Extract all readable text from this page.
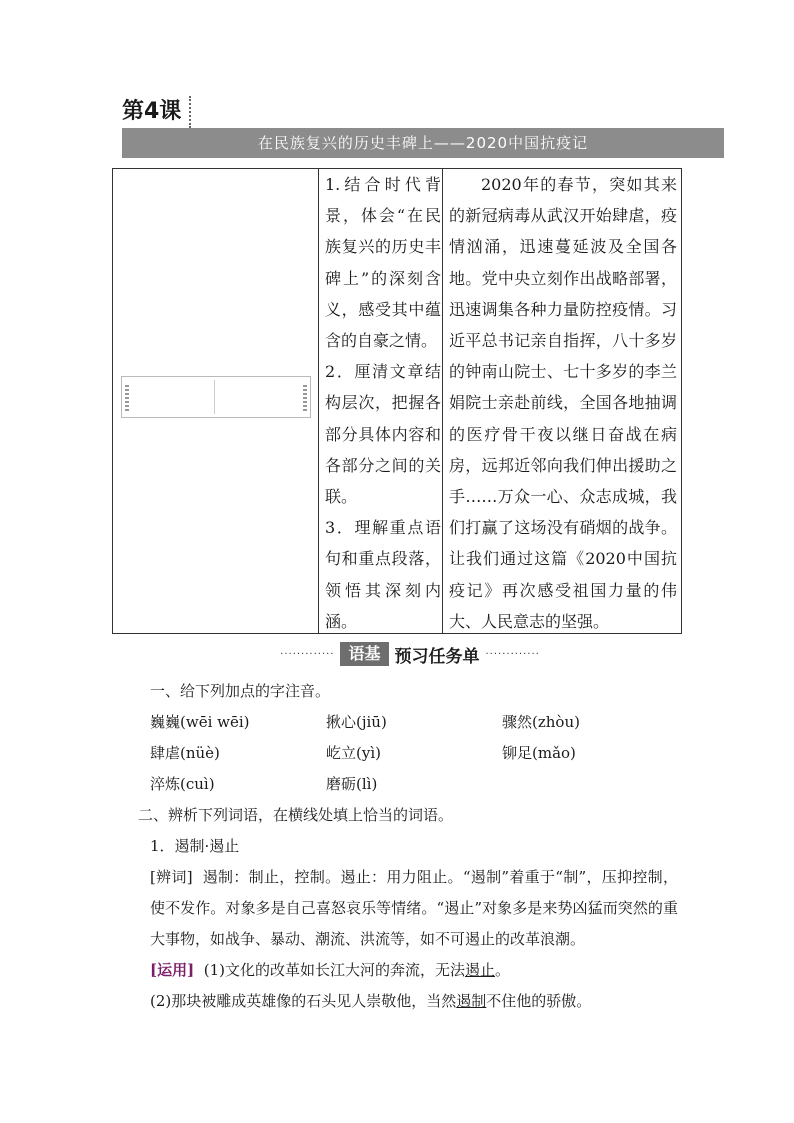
第4课
在民族复兴的历史丰碑上——2020中国抗疫记

1.结合时代背景，体会“在民族复兴的历史丰碑上”的深刻含义，感受其中蕴含的自豪之情。

2．厘清文章结构层次，把握各部分具体内容和各部分之间的关联。

3．理解重点语句和重点段落，领悟其深刻内涵。

2020年的春节，突如其来的新冠病毒从武汉开始肆虐，疫情汹涌，迅速蔓延波及全国各地。党中央立刻作出战略部署，迅速调集各种力量防控疫情。习近平总书记亲自指挥，八十多岁的钟南山院士、七十多岁的李兰娟院士亲赴前线，全国各地抽调的医疗骨干夜以继日奋战在病房，远邦近邻向我们伸出援助之手……万众一心、众志成城，我们打赢了这场没有硝烟的战争。让我们通过这篇《2020中国抗疫记》再次感受祖国力量的伟大、人民意志的坚强。
············· 语基 预习任务单 ·············
一、给下列加点的字注音。
巍巍(wēi wēi)	揪心(jiū)	骤然(zhòu)
肆虐(nüè)	屹立(yì)	铆足(mǎo)
淬炼(cuì)	磨砺(lì)
二、辨析下列词语，在横线处填上恰当的词语。
1．遏制·遏止
[辨词] 遏制：制止，控制。遏止：用力阻止。“遏制”着重于“制”，压抑控制，使不发作。对象多是自己喜怒哀乐等情绪。“遏止”对象多是来势凶猛而突然的重大事物，如战争、暴动、潮流、洪流等，如不可遏止的改革浪潮。
[运用] (1)文化的改革如长江大河的奔流，无法遏止。
(2)那块被雕成英雄像的石头见人崇敬他，当然遏制不住他的骄傲。
